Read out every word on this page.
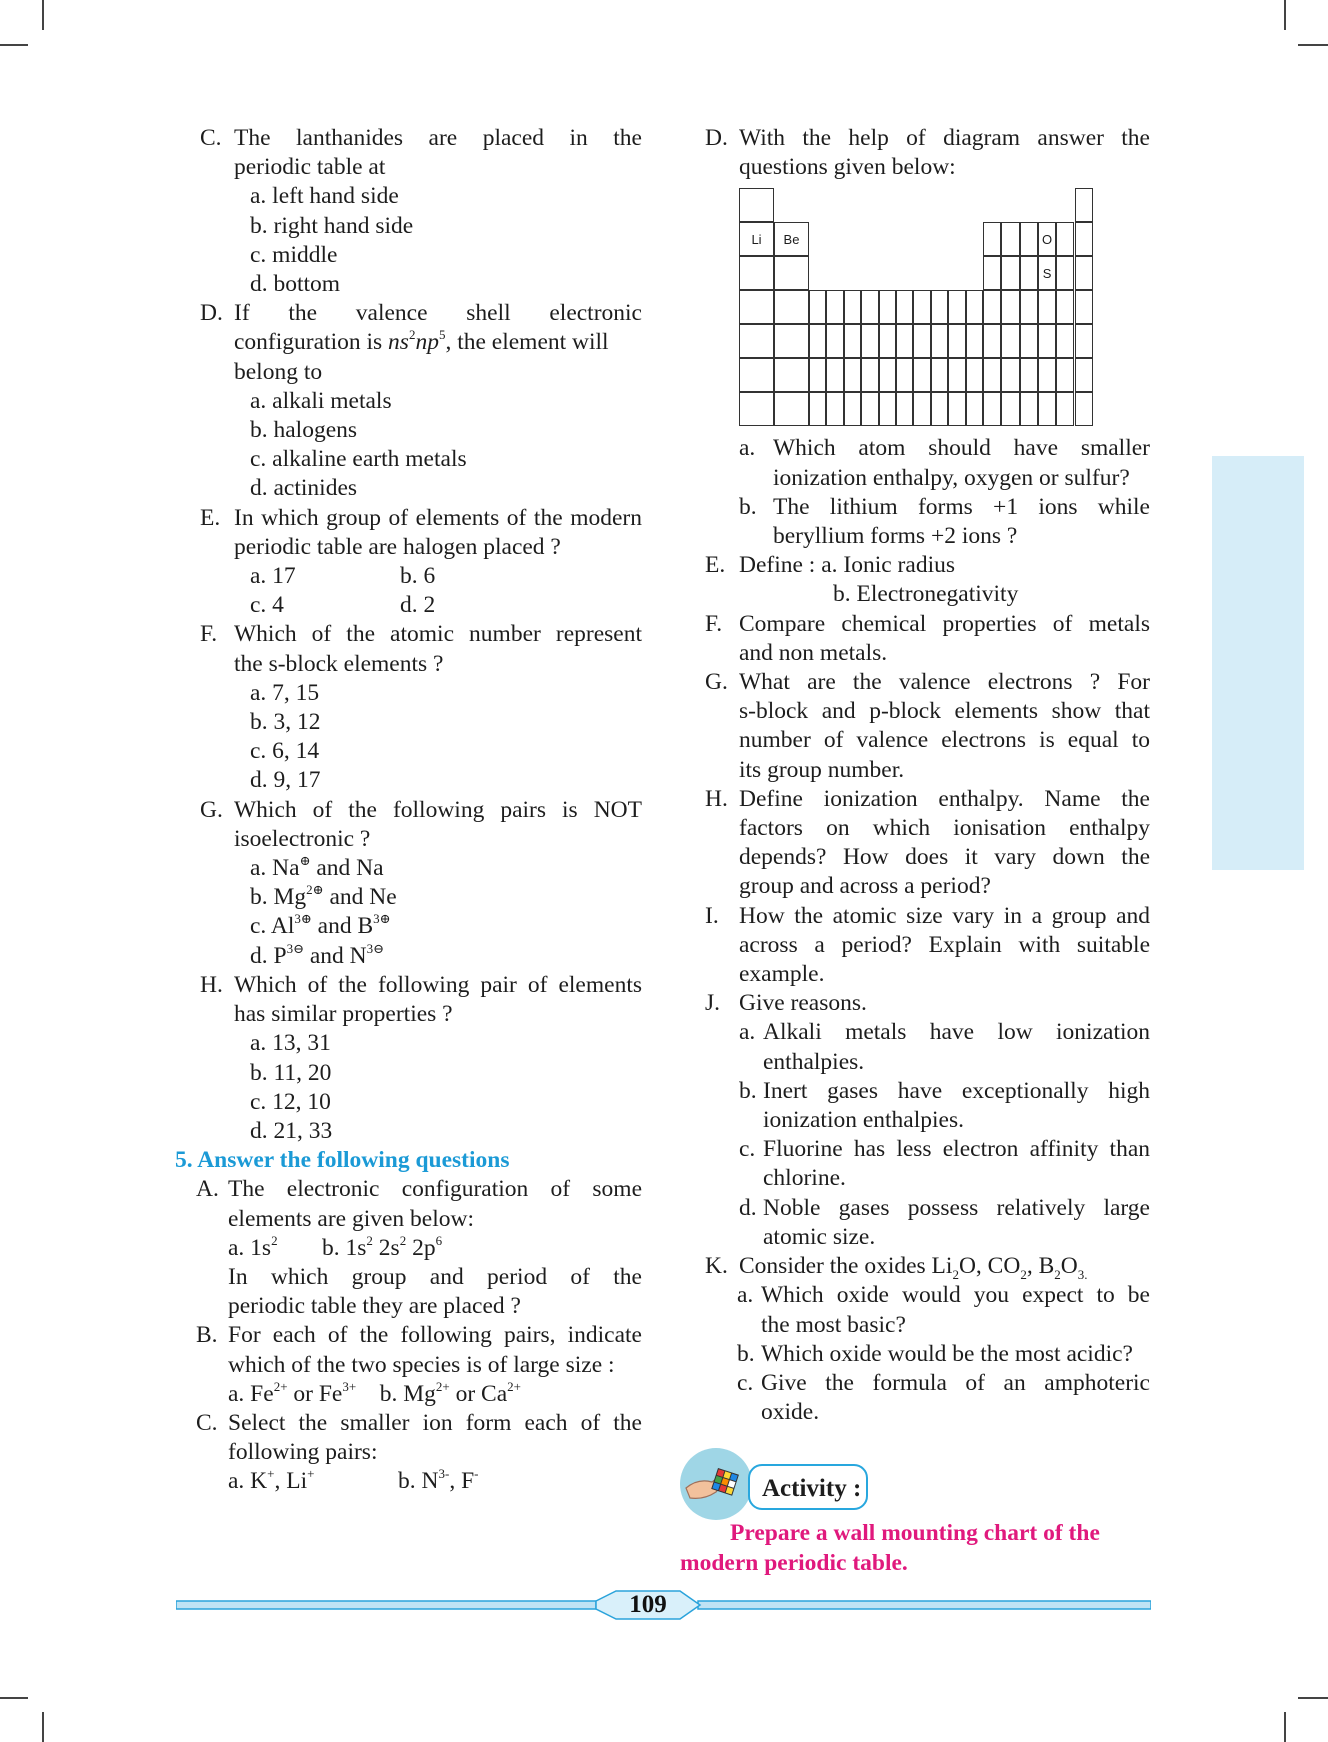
C. The lanthanides are placed in the
periodic table at
a. left hand side
b. right hand side
c. middle
d. bottom
D. If the valence shell electronic
configuration is $ns^2np^5$, the element will
belong to
a. alkali metals
b. halogens
c. alkaline earth metals
d. actinides
E. In which group of elements of the modern
periodic table are halogen placed ?
a. 17	b. 6
c. 4	d. 2
F. Which of the atomic number represent
the s-block elements ?
a. 7, 15
b. 3, 12
c. 6, 14
d. 9, 17
G. Which of the following pairs is NOT
isoelectronic ?
a. Na⊕ and Na
b. $Mg^{2\oplus}$ and Ne
c. $Al^{3\oplus}$ and $B^{3\oplus}$
d. $P^{3⊖}$ and $N^{3⊖}$
H. Which of the following pair of elements
has similar properties ?
a. 13, 31
b. 11, 20
c. 12, 10
d. 21, 33
5. Answer the following questions
A. The electronic configuration of some
elements are given below:
a. $1s^2$	b. $1s^2$ $2s^2$ $2p^6$
In which group and period of the
periodic table they are placed ?
B. For each of the following pairs, indicate
which of the two species is of large size :
a. $Fe^{2+}$ or $Fe^{3+}$ b. $Mg^{2+}$ or $Ca^{2+}$
C. Select the smaller ion form each of the
following pairs:
a. K+, Li+	b. $N^{3-}$, F-
D. With the help of diagram answer the
questions given below:
Li	Be	O
S
a. Which atom should have smaller
ionization enthalpy, oxygen or sulfur?
b. The lithium forms +1 ions while
beryllium forms +2 ions ?
E. Define : a. Ionic radius
b. Electronegativity
F. Compare chemical properties of metals
and non metals.
G. What are the valence electrons ? For
s-block and p-block elements show that
number of valence electrons is equal to
its group number.
H. Define ionization enthalpy. Name the
factors on which ionisation enthalpy
depends? How does it vary down the
group and across a period?
I. How the atomic size vary in a group and
across a period? Explain with suitable
example.
J. Give reasons.
a. Alkali metals have low ionization
enthalpies.
b. Inert gases have exceptionally high
ionization enthalpies.
c. Fluorine has less electron affinity than
chlorine.
d. Noble gases possess relatively large
atomic size.
K. Consider the oxides $Li_2O$, $CO_2$, $B_2O_{3.}$
a. Which oxide would you expect to be
the most basic?
b. Which oxide would be the most acidic?
c. Give the formula of an amphoteric
oxide.
Activity :
Prepare a wall mounting chart of the
modern periodic table.
109
